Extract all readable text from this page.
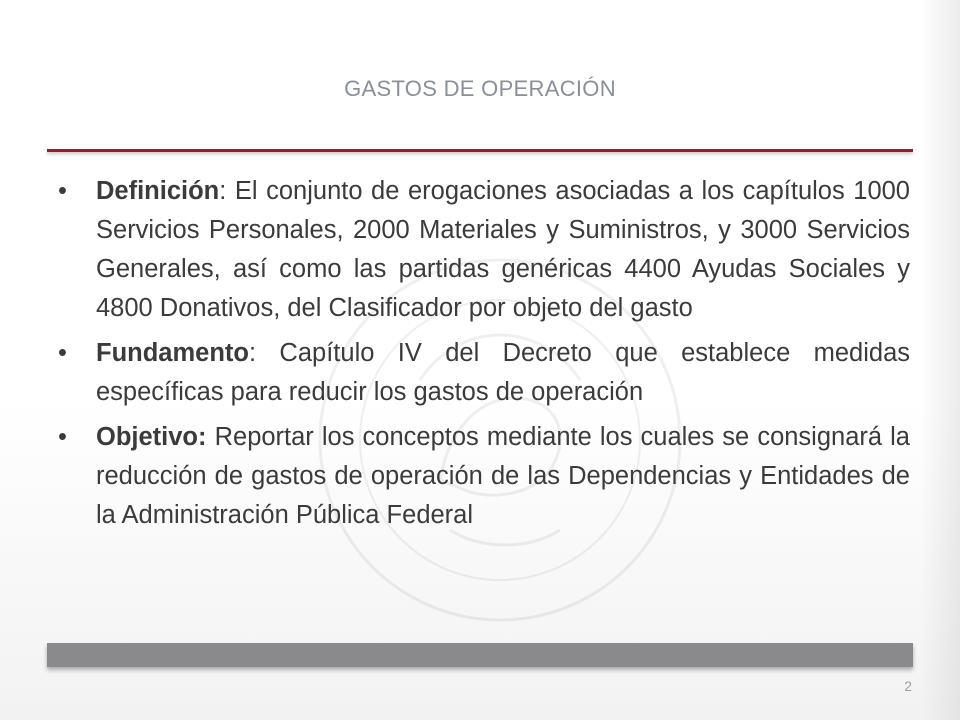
GASTOS DE OPERACIÓN
•	Definición: El conjunto de erogaciones asociadas a los capítulos 1000 Servicios Personales, 2000 Materiales y Suministros, y 3000 Servicios Generales, así como las partidas genéricas 4400 Ayudas Sociales y 4800 Donativos, del Clasificador por objeto del gasto
•	Fundamento: Capítulo IV del Decreto que establece medidas específicas para reducir los gastos de operación
•	Objetivo: Reportar los conceptos mediante los cuales se consignará la reducción de gastos de operación de las Dependencias y Entidades de la Administración Pública Federal
2
